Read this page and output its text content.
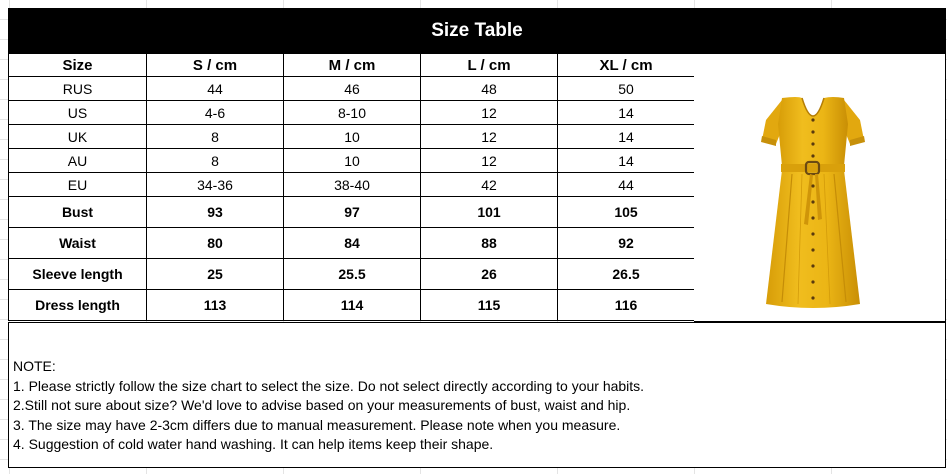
Size Table
Size	S / cm	M / cm	L / cm	XL / cm
RUS	44	46	48	50
US	4-6	8-10	12	14
UK	8	10	12	14
AU	8	10	12	14
EU	34-36	38-40	42	44
Bust	93	97	101	105
Waist	80	84	88	92
Sleeve length	25	25.5	26	26.5
Dress length	113	114	115	116
NOTE:
1. Please strictly follow the size chart to select the size. Do not select directly according to your habits.
2.Still not sure about size? We'd love to advise based on your measurements of bust, waist and hip.
3. The size may have 2-3cm differs due to manual measurement. Please note when you measure.
4. Suggestion of cold water hand washing. It can help items keep their shape.
